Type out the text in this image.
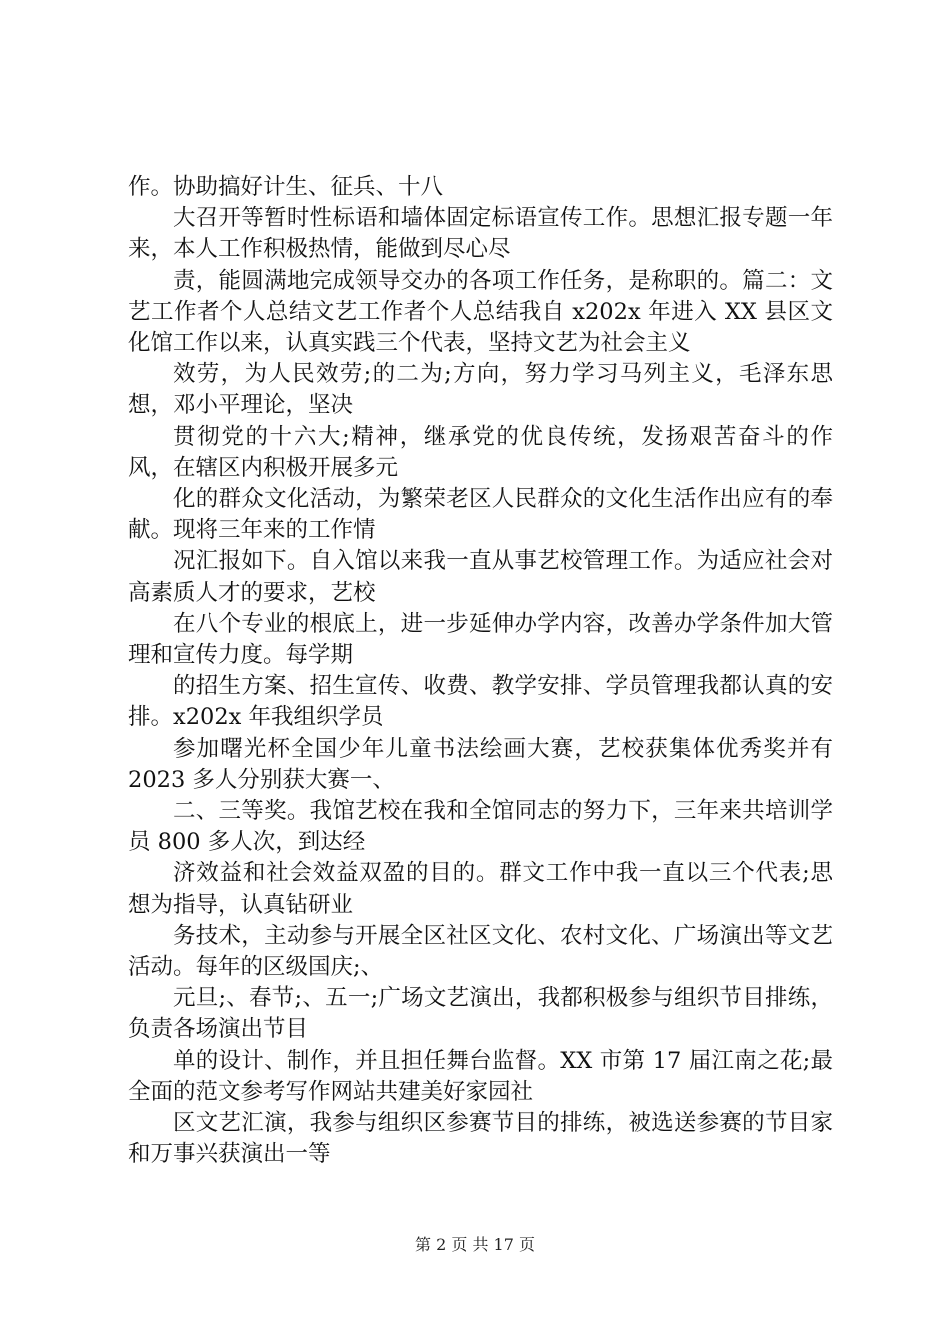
作。协助搞好计生、征兵、十八

大召开等暂时性标语和墙体固定标语宣传工作。思想汇报专题一年来，本人工作积极热情，能做到尽心尽

责，能圆满地完成领导交办的各项工作任务，是称职的。篇二：文艺工作者个人总结文艺工作者个人总结我自 x202x 年进入 XX 县区文化馆工作以来，认真实践三个代表，坚持文艺为社会主义

效劳，为人民效劳;的二为;方向，努力学习马列主义，毛泽东思想，邓小平理论，坚决

贯彻党的十六大;精神，继承党的优良传统，发扬艰苦奋斗的作风，在辖区内积极开展多元

化的群众文化活动，为繁荣老区人民群众的文化生活作出应有的奉献。现将三年来的工作情

况汇报如下。自入馆以来我一直从事艺校管理工作。为适应社会对高素质人才的要求，艺校

在八个专业的根底上，进一步延伸办学内容，改善办学条件加大管理和宣传力度。每学期

的招生方案、招生宣传、收费、教学安排、学员管理我都认真的安排。x202x 年我组织学员

参加曙光杯全国少年儿童书法绘画大赛，艺校获集体优秀奖并有 2023 多人分别获大赛一、

二、三等奖。我馆艺校在我和全馆同志的努力下，三年来共培训学员 800 多人次，到达经

济效益和社会效益双盈的目的。群文工作中我一直以三个代表;思想为指导，认真钻研业

务技术，主动参与开展全区社区文化、农村文化、广场演出等文艺活动。每年的区级国庆;、

元旦;、春节;、五一;广场文艺演出，我都积极参与组织节目排练，负责各场演出节目

单的设计、制作，并且担任舞台监督。XX 市第 17 届江南之花;最全面的范文参考写作网站共建美好家园社

区文艺汇演，我参与组织区参赛节目的排练，被选送参赛的节目家和万事兴获演出一等

第 2 页 共 17 页
